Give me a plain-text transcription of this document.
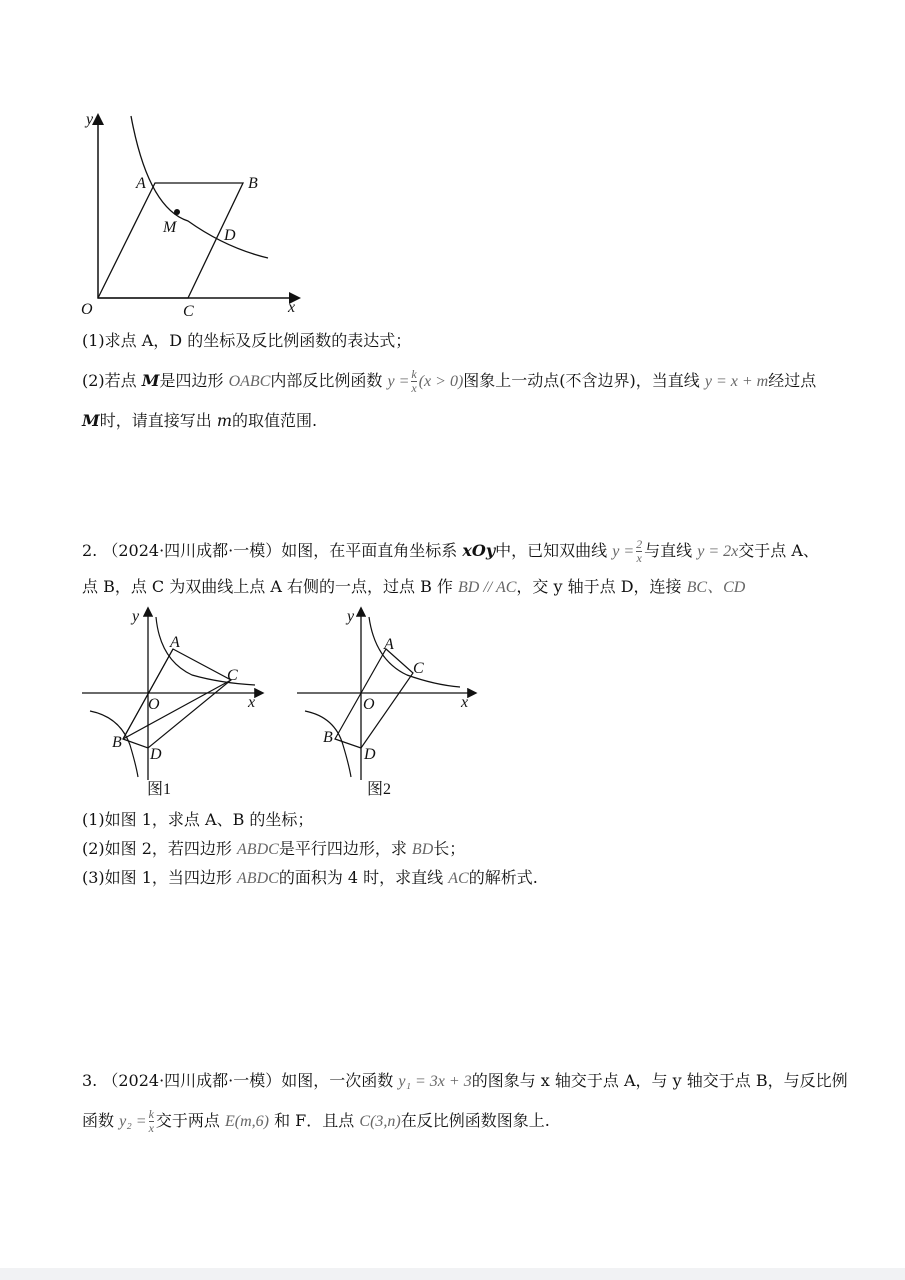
y
x
O
A	B
C
D
M
(1)求点 A，D 的坐标及反比例函数的表达式；
(2)若点 M是四边形 OABC内部反比例函数 $y = \frac{k}{x} (x > 0)$图象上一动点(不含边界)，当直线 y = x + m经过点
M时，请直接写出 m的取值范围.
2. （2024·四川成都·一模）如图，在平面直角坐标系 xOy中，已知双曲线 $y = \frac{2}{x}$ 与直线 y = 2x交于点 A、
点 B，点 C 为双曲线上点 A 右侧的一点，过点 B 作 BD // AC，交 y 轴于点 D，连接 BC、CD
y
x
O
A
B
C
D
图1
y
x
O
A
B
C
D
图2
(1)如图 1，求点 A、B 的坐标；
(2)如图 2，若四边形 ABDC是平行四边形，求 BD长；
(3)如图 1，当四边形 ABDC的面积为 4 时，求直线 AC的解析式.
3. （2024·四川成都·一模）如图，一次函数 y₁ = 3x + 3的图象与 x 轴交于点 A，与 y 轴交于点 B，与反比例
函数 $y_2 = \frac{k}{x}$ 交于两点 E(m,6) 和 F．且点 C(3,n)在反比例函数图象上.
